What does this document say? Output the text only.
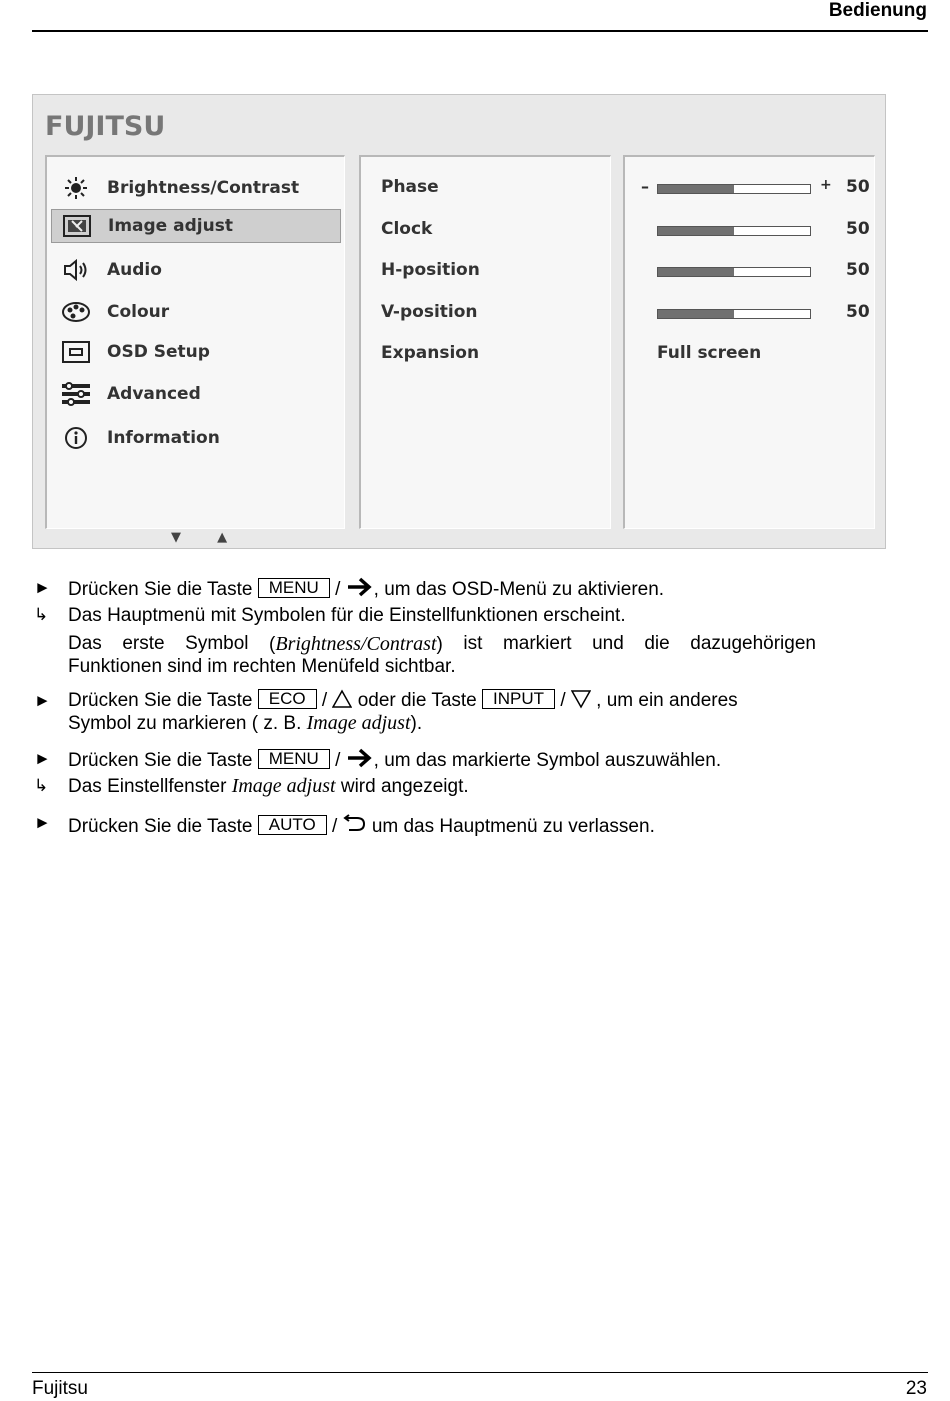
Bedienung
FUJITSU
Brightness/Contrast
Image adjust
Audio
Colour
OSD Setup
Advanced
Information
Phase
Clock
H-position
V-position
Expansion
–	+ 50
50
50
50
Full screen
▼ ▲
► Drücken Sie die Taste MENU / , um das OSD-Menü zu aktivieren.
↳ Das Hauptmenü mit Symbolen für die Einstellfunktionen erscheint.
Das erste Symbol (Brightness/Contrast) ist markiert und die dazugehörigen
Funktionen sind im rechten Menüfeld sichtbar.
► Drücken Sie die Taste ECO / oder die Taste INPUT / , um ein anderes
Symbol zu markieren ( z. B. Image adjust).
► Drücken Sie die Taste MENU / , um das markierte Symbol auszuwählen.
↳ Das Einstellfenster Image adjust wird angezeigt.
► Drücken Sie die Taste AUTO / um das Hauptmenü zu verlassen.
Fujitsu	23
